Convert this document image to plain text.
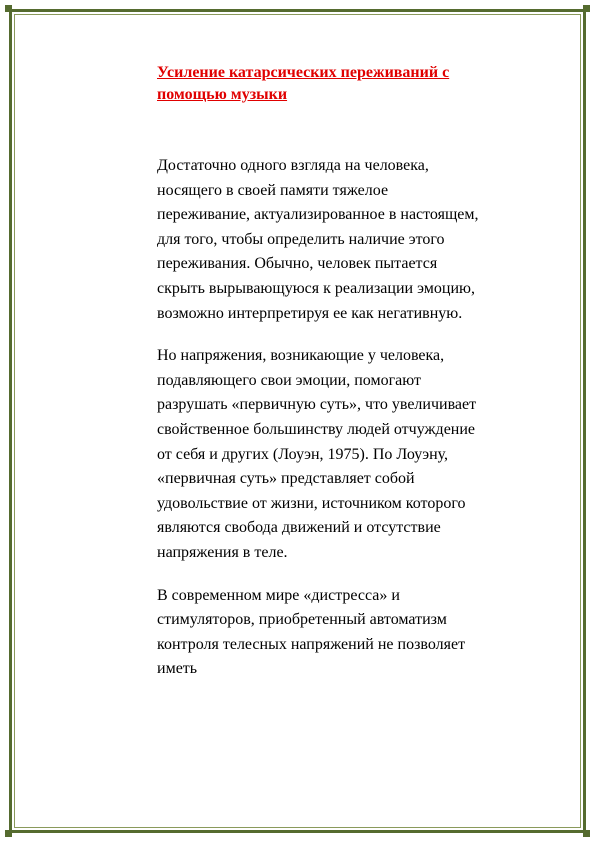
Усиление катарсических переживаний с помощью музыки

Достаточно одного взгляда на человека, носящего в своей памяти тяжелое переживание, актуализированное в настоящем, для того, чтобы определить наличие этого переживания. Обычно, человек пытается скрыть вырывающуюся к реализации эмоцию, возможно интерпретируя ее как негативную.

Но напряжения, возникающие у человека, подавляющего свои эмоции, помогают разрушать «первичную суть», что увеличивает свойственное большинству людей отчуждение от себя и других (Лоуэн, 1975). По Лоуэну, «первичная суть» представляет собой удовольствие от жизни, источником которого являются свобода движений и отсутствие напряжения в теле.

В современном мире «дистресса» и стимуляторов, приобретенный автоматизм контроля телесных напряжений не позволяет иметь
